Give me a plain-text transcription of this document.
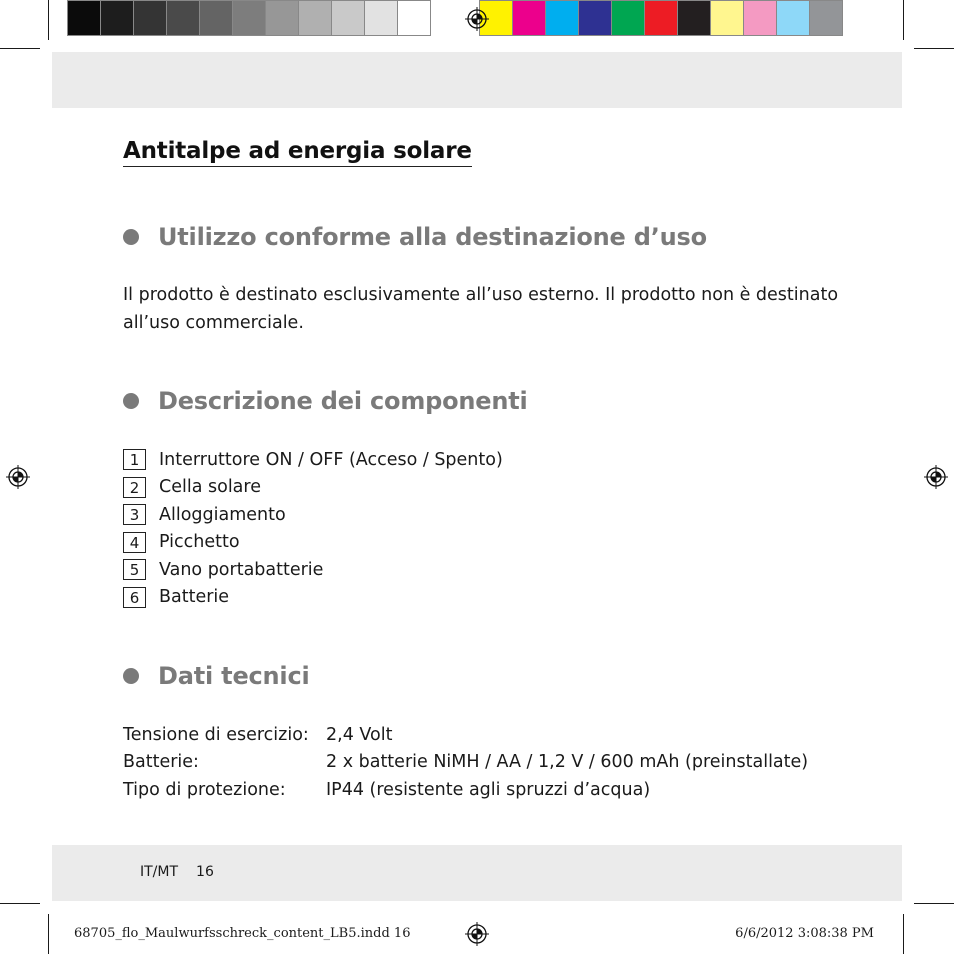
Antitalpe ad energia solare
Utilizzo conforme alla destinazione d’uso
Il prodotto è destinato esclusivamente all’uso esterno. Il prodotto non è destinato
all’uso commerciale.
Descrizione dei componenti
1	Interruttore ON / OFF (Acceso / Spento)
2	Cella solare
3	Alloggiamento
4	Picchetto
5	Vano portabatterie
6	Batterie
Dati tecnici
Tensione di esercizio: 2,4 Volt
Batterie:	2 x batterie NiMH / AA / 1,2 V / 600 mAh (preinstallate)
Tipo di protezione:	IP44 (resistente agli spruzzi d’acqua)
IT/MT 16
68705_flo_Maulwurfsschreck_content_LB5.indd 16	6/6/2012 3:08:38 PM
